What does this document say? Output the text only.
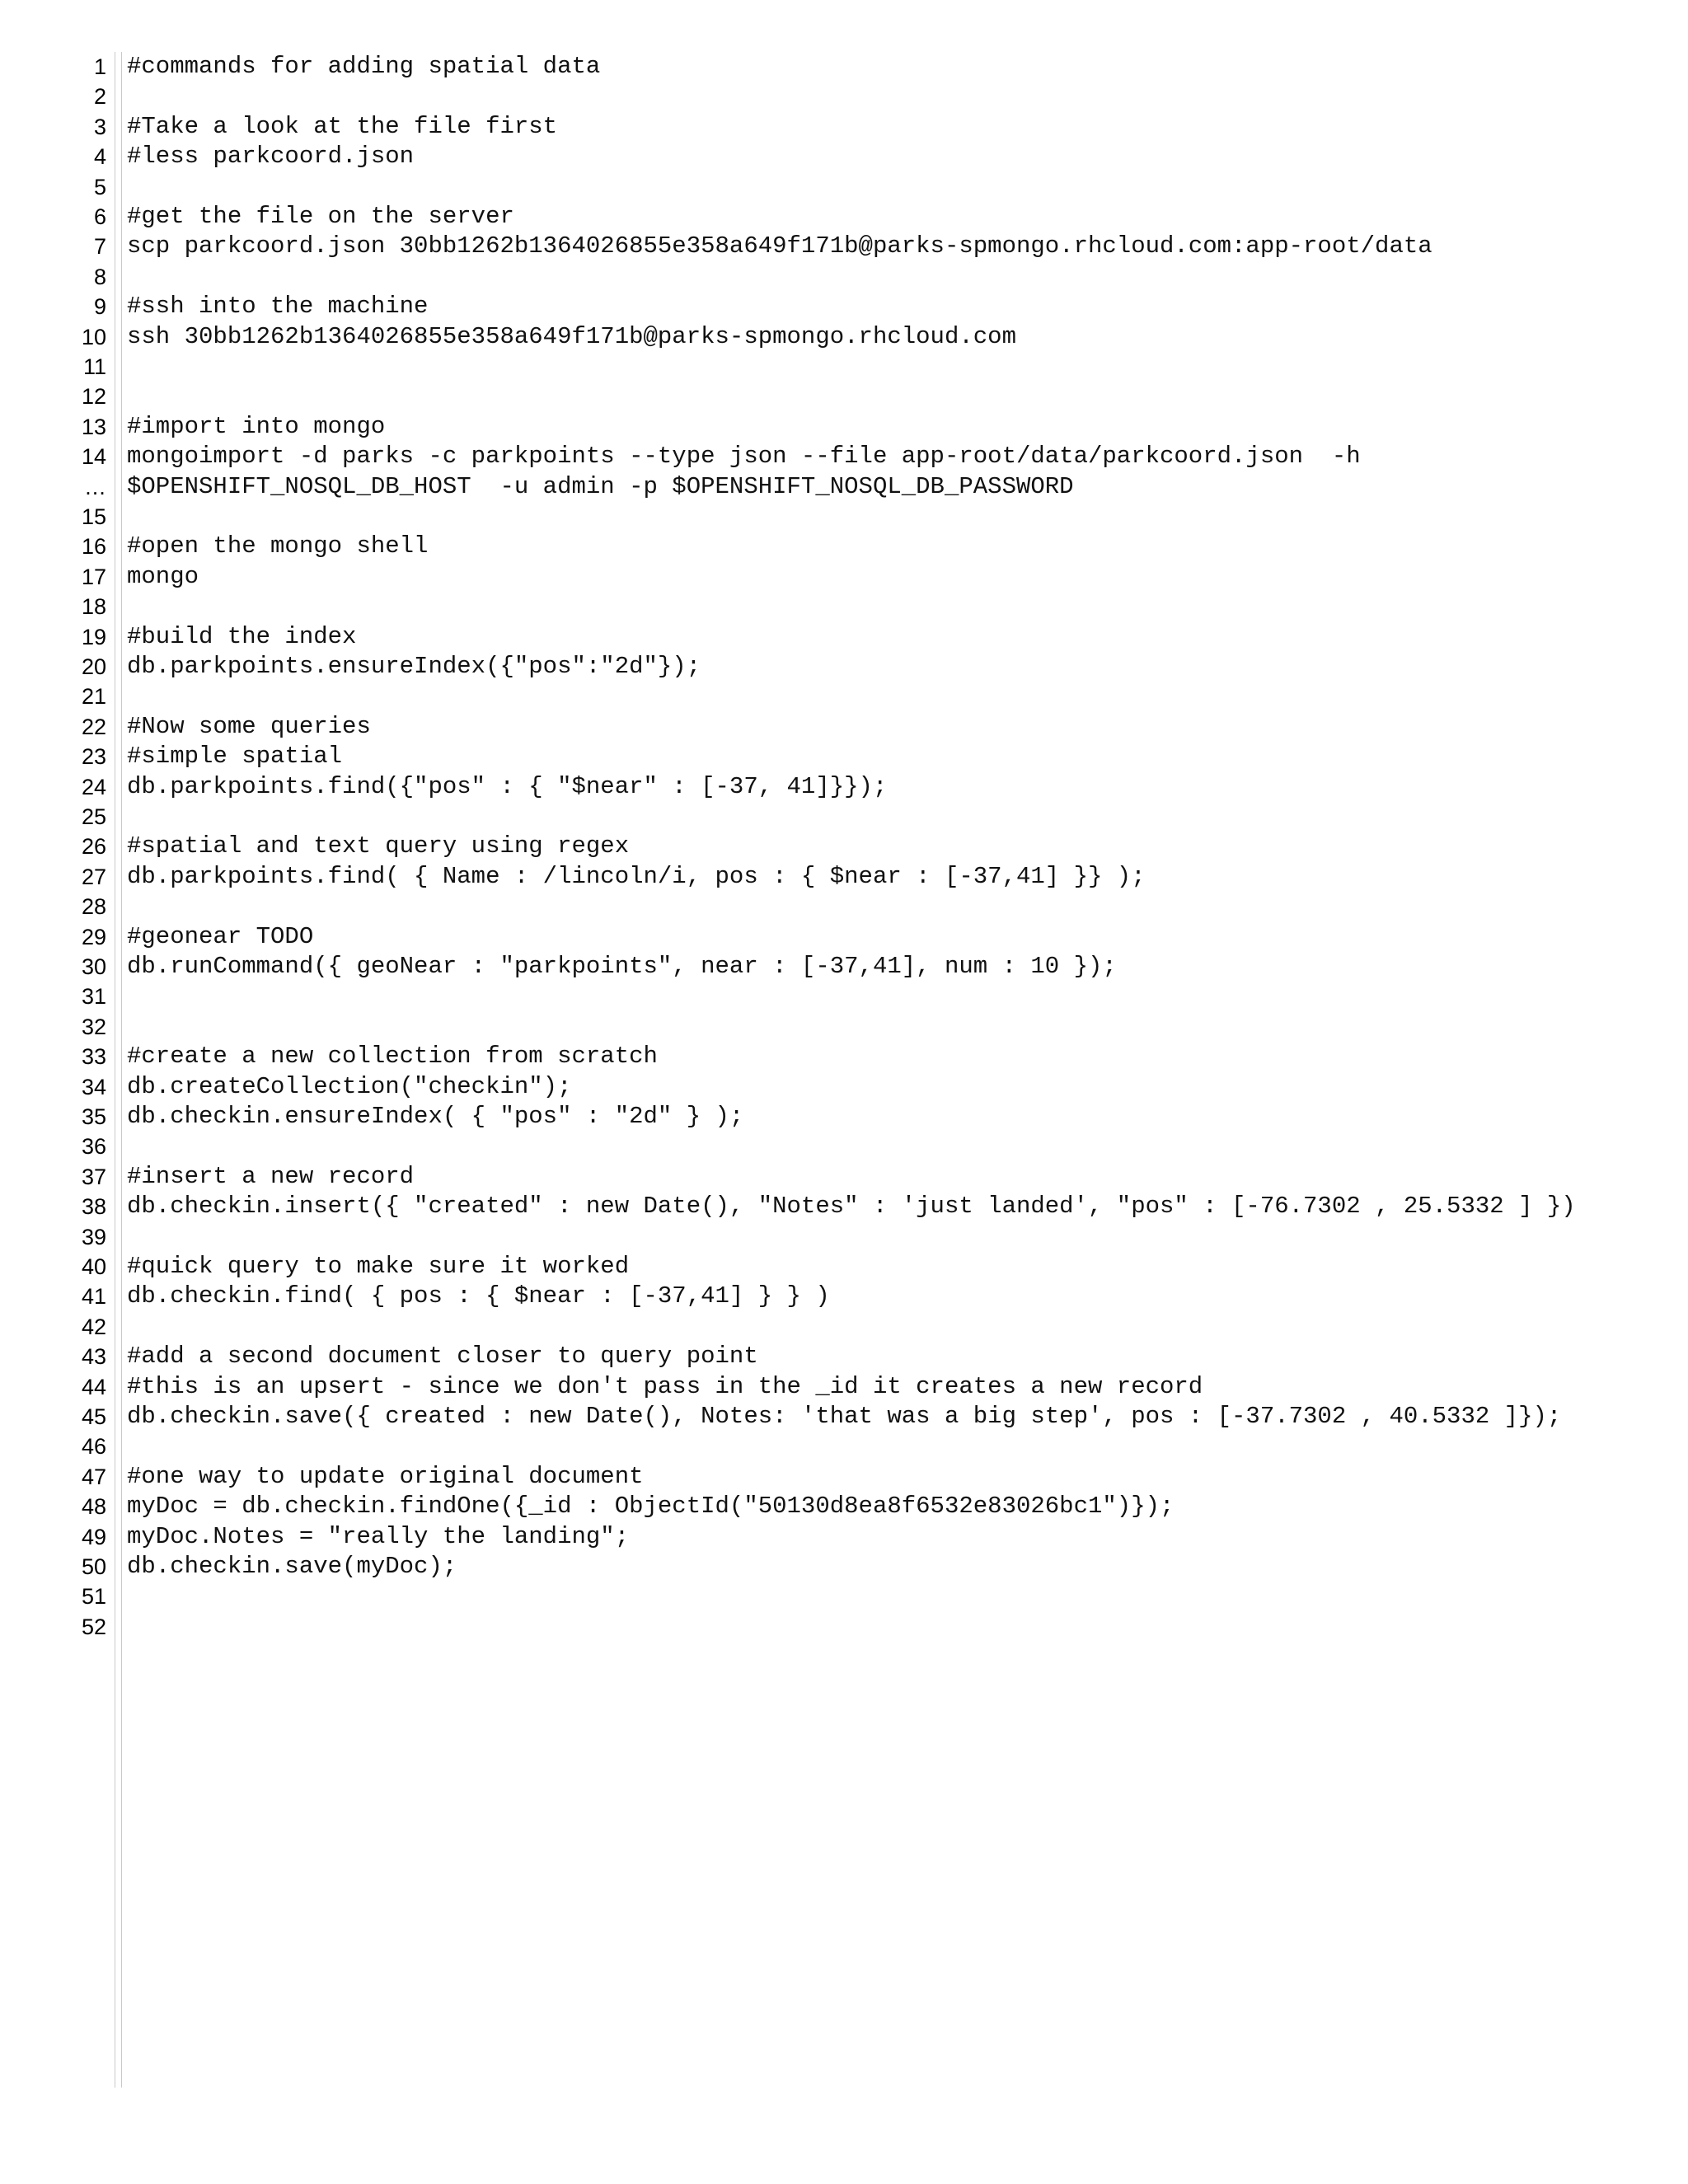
1
2
3
4
5
6
7
8
9
10
11
12
13
14
…
15
16
17
18
19
20
21
22
23
24
25
26
27
28
29
30
31
32
33
34
35
36
37
38
39
40
41
42
43
44
45
46
47
48
49
50
51
52
#commands for adding spatial data
#Take a look at the file first
#less parkcoord.json
#get the file on the server
scp parkcoord.json 30bb1262b1364026855e358a649f171b@parks-spmongo.rhcloud.com:app-root/data
#ssh into the machine
ssh 30bb1262b1364026855e358a649f171b@parks-spmongo.rhcloud.com
#import into mongo
mongoimport -d parks -c parkpoints --type json --file app-root/data/parkcoord.json  -h
$OPENSHIFT_NOSQL_DB_HOST  -u admin -p $OPENSHIFT_NOSQL_DB_PASSWORD
#open the mongo shell
mongo
#build the index
db.parkpoints.ensureIndex({"pos":"2d"});
#Now some queries
#simple spatial
db.parkpoints.find({"pos" : { "$near" : [-37, 41]}});
#spatial and text query using regex
db.parkpoints.find( { Name : /lincoln/i, pos : { $near : [-37,41] }} );
#geonear TODO
db.runCommand({ geoNear : "parkpoints", near : [-37,41], num : 10 });
#create a new collection from scratch
db.createCollection("checkin");
db.checkin.ensureIndex( { "pos" : "2d" } );
#insert a new record
db.checkin.insert({ "created" : new Date(), "Notes" : 'just landed', "pos" : [-76.7302 , 25.5332 ] })
#quick query to make sure it worked
db.checkin.find( { pos : { $near : [-37,41] } } )
#add a second document closer to query point
#this is an upsert - since we don't pass in the _id it creates a new record
db.checkin.save({ created : new Date(), Notes: 'that was a big step', pos : [-37.7302 , 40.5332 ]});
#one way to update original document
myDoc = db.checkin.findOne({_id : ObjectId("50130d8ea8f6532e83026bc1")});
myDoc.Notes = "really the landing";
db.checkin.save(myDoc);
